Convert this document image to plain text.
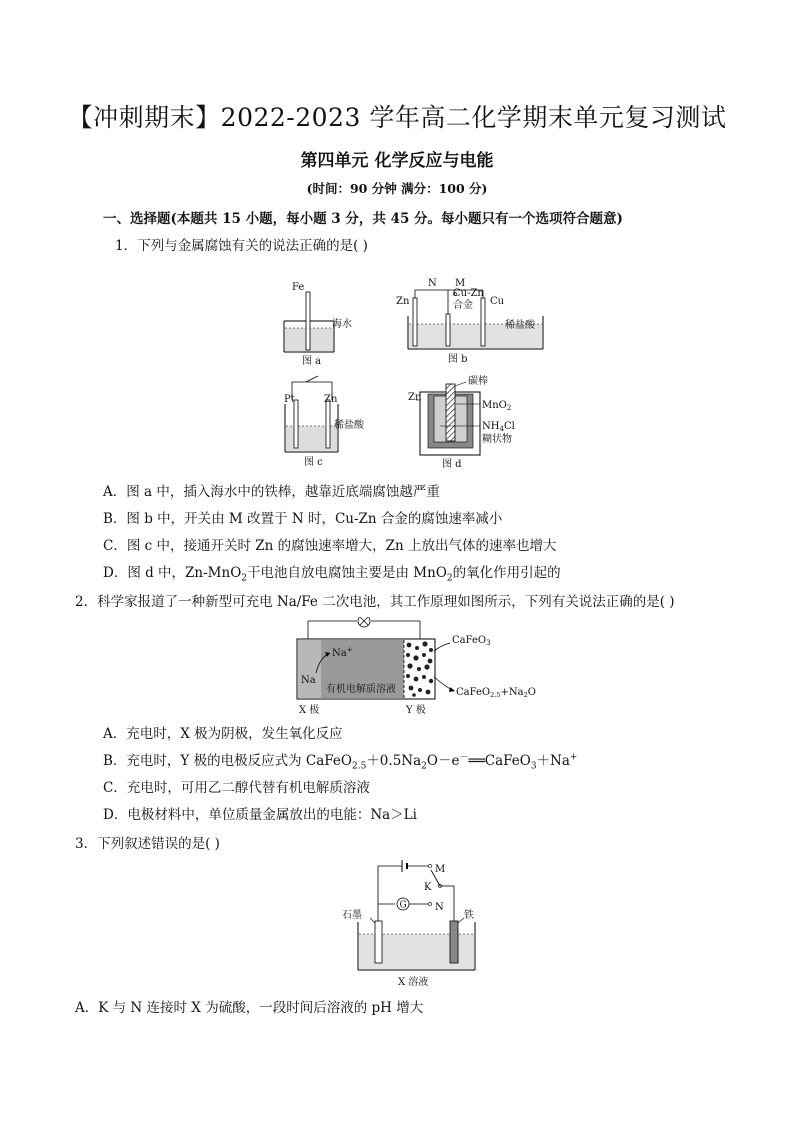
【冲刺期末】2022-2023 学年高二化学期末单元复习测试
第四单元 化学反应与电能
(时间：90 分钟 满分：100 分)
一、选择题(本题共 15 小题，每小题 3 分，共 45 分。每小题只有一个选项符合题意)
1．下列与金属腐蚀有关的说法正确的是( )
Fe
海水
图 a
N M
Zn
Cu-Zn
合金 Cu
稀盐酸
图 b
Pt	Zn
稀盐酸
图 c
碳棒
Zn
MnO$_2$
$NH_4Cl$
糊状物
图 d
A．图 a 中，插入海水中的铁棒，越靠近底端腐蚀越严重
B．图 b 中，开关由 M 改置于 N 时，Cu-Zn 合金的腐蚀速率减小
C．图 c 中，接通开关时 Zn 的腐蚀速率增大，Zn 上放出气体的速率也增大
D．图 d 中，Zn-MnO$_2$干电池自放电腐蚀主要是由 MnO$_2$的氧化作用引起的
2．科学家报道了一种新型可充电 Na/Fe 二次电池，其工作原理如图所示，下列有关说法正确的是( )
Na+
Na
有机电解质溶液
CaFeO$_3$
$CaFeO_{2.5}+Na_2O$
X 极	Y 极
A．充电时，X 极为阴极，发生氧化反应
B．充电时，Y 极的电极反应式为 $CaFeO_{2.5}+0.5Na_2O-e^-══CaFeO_3+Na^+$
C．充电时，可用乙二醇代替有机电解质溶液
D．电极材料中，单位质量金属放出的电能：Na＞Li
3．下列叙述错误的是( )
G
M
K
N
石墨	铁
X 溶液
A．K 与 N 连接时 X 为硫酸，一段时间后溶液的 pH 增大
